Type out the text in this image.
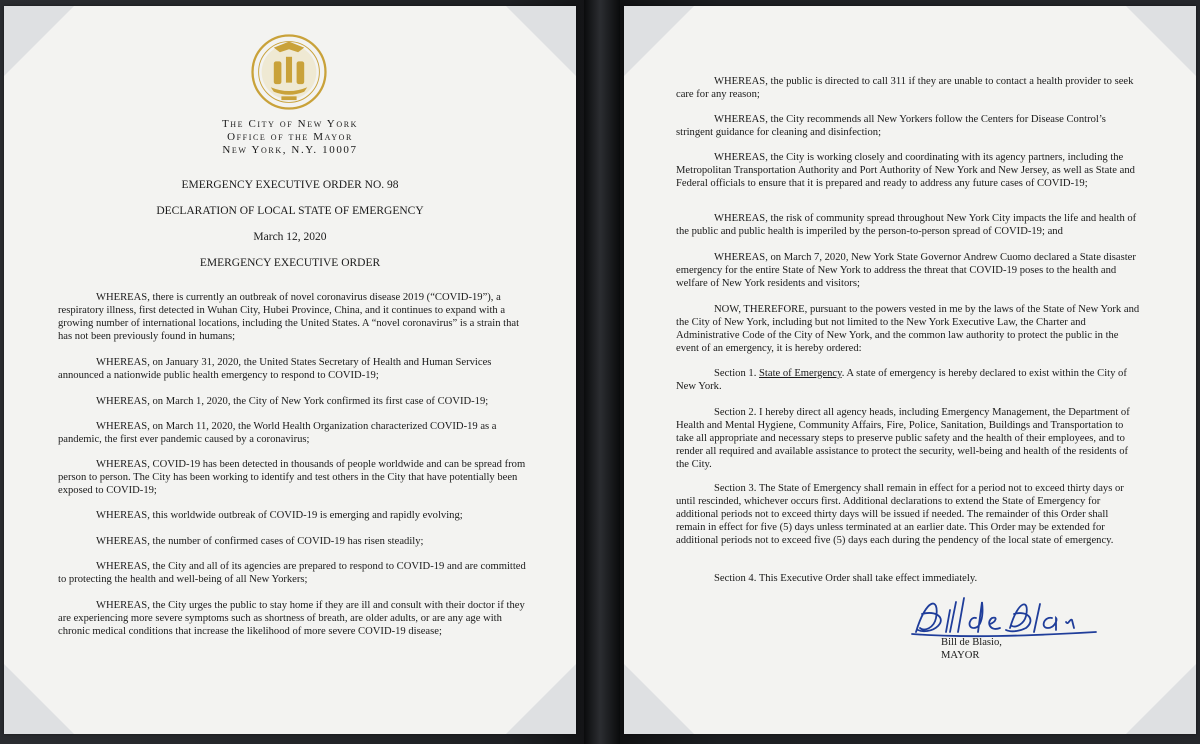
The City of New York
Office of the Mayor
New York, N.Y. 10007
EMERGENCY EXECUTIVE ORDER NO. 98
DECLARATION OF LOCAL STATE OF EMERGENCY
March 12, 2020
EMERGENCY EXECUTIVE ORDER
WHEREAS, there is currently an outbreak of novel coronavirus disease 2019 (“COVID-19”), a respiratory illness, first detected in Wuhan City, Hubei Province, China, and it continues to expand with a growing number of international locations, including the United States. A “novel coronavirus” is a strain that has not been previously found in humans;
WHEREAS, on January 31, 2020, the United States Secretary of Health and Human Services announced a nationwide public health emergency to respond to COVID-19;
WHEREAS, on March 1, 2020, the City of New York confirmed its first case of COVID-19;
WHEREAS, on March 11, 2020, the World Health Organization characterized COVID-19 as a pandemic, the first ever pandemic caused by a coronavirus;
WHEREAS, COVID-19 has been detected in thousands of people worldwide and can be spread from person to person. The City has been working to identify and test others in the City that have potentially been exposed to COVID-19;
WHEREAS, this worldwide outbreak of COVID-19 is emerging and rapidly evolving;
WHEREAS, the number of confirmed cases of COVID-19 has risen steadily;
WHEREAS, the City and all of its agencies are prepared to respond to COVID-19 and are committed to protecting the health and well-being of all New Yorkers;
WHEREAS, the City urges the public to stay home if they are ill and consult with their doctor if they are experiencing more severe symptoms such as shortness of breath, are older adults, or are any age with chronic medical conditions that increase the likelihood of more severe COVID-19 disease;
WHEREAS, the public is directed to call 311 if they are unable to contact a health provider to seek care for any reason;
WHEREAS, the City recommends all New Yorkers follow the Centers for Disease Control’s stringent guidance for cleaning and disinfection;
WHEREAS, the City is working closely and coordinating with its agency partners, including the Metropolitan Transportation Authority and Port Authority of New York and New Jersey, as well as State and Federal officials to ensure that it is prepared and ready to address any future cases of COVID-19;
WHEREAS, the risk of community spread throughout New York City impacts the life and health of the public and public health is imperiled by the person-to-person spread of COVID-19; and
WHEREAS, on March 7, 2020, New York State Governor Andrew Cuomo declared a State disaster emergency for the entire State of New York to address the threat that COVID-19 poses to the health and welfare of New York residents and visitors;
NOW, THEREFORE, pursuant to the powers vested in me by the laws of the State of New York and the City of New York, including but not limited to the New York Executive Law, the Charter and Administrative Code of the City of New York, and the common law authority to protect the public in the event of an emergency, it is hereby ordered:
Section 1. State of Emergency. A state of emergency is hereby declared to exist within the City of New York.
Section 2. I hereby direct all agency heads, including Emergency Management, the Department of Health and Mental Hygiene, Community Affairs, Fire, Police, Sanitation, Buildings and Transportation to take all appropriate and necessary steps to preserve public safety and the health of their employees, and to render all required and available assistance to protect the security, well-being and health of the residents of the City.
Section 3. The State of Emergency shall remain in effect for a period not to exceed thirty days or until rescinded, whichever occurs first. Additional declarations to extend the State of Emergency for additional periods not to exceed thirty days will be issued if needed. The remainder of this Order shall remain in effect for five (5) days unless terminated at an earlier date. This Order may be extended for additional periods not to exceed five (5) days each during the pendency of the local state of emergency.
Section 4. This Executive Order shall take effect immediately.
Bill de Blasio,
MAYOR
